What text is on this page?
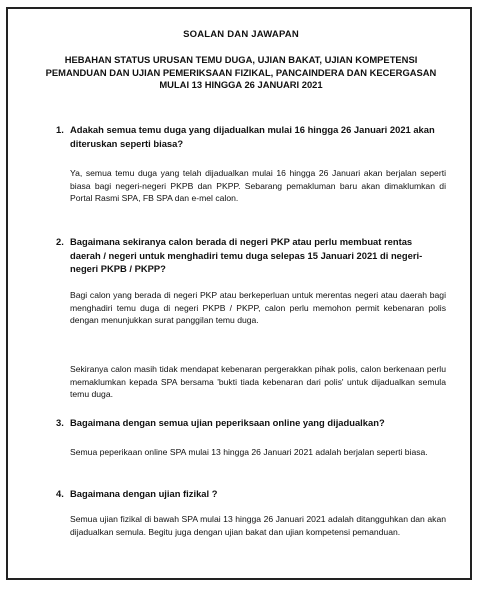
SOALAN DAN JAWAPAN
HEBAHAN STATUS URUSAN TEMU DUGA, UJIAN BAKAT, UJIAN KOMPETENSI PEMANDUAN DAN UJIAN PEMERIKSAAN FIZIKAL, PANCAINDERA DAN KECERGASAN MULAI 13 HINGGA 26 JANUARI 2021
1. Adakah semua temu duga yang dijadualkan mulai 16 hingga 26 Januari 2021 akan diteruskan seperti biasa?
Ya, semua temu duga yang telah dijadualkan mulai 16 hingga 26 Januari akan berjalan seperti biasa bagi negeri-negeri PKPB dan PKPP. Sebarang pemakluman baru akan dimaklumkan di Portal Rasmi SPA, FB SPA dan e-mel calon.
2. Bagaimana sekiranya calon berada di negeri PKP atau perlu membuat rentas daerah / negeri untuk menghadiri temu duga selepas 15 Januari 2021 di negeri-negeri PKPB / PKPP?
Bagi calon yang berada di negeri PKP atau berkeperluan untuk merentas negeri atau daerah bagi menghadiri temu duga di negeri PKPB / PKPP, calon perlu memohon permit kebenaran polis dengan menunjukkan surat panggilan temu duga.
Sekiranya calon masih tidak mendapat kebenaran pergerakkan pihak polis, calon berkenaan perlu memaklumkan kepada SPA bersama 'bukti tiada kebenaran dari polis' untuk dijadualkan semula temu duga.
3. Bagaimana dengan semua ujian peperiksaan online yang dijadualkan?
Semua peperikaan online SPA mulai 13 hingga 26 Januari 2021 adalah berjalan seperti biasa.
4. Bagaimana dengan ujian fizikal ?
Semua ujian fizikal di bawah SPA mulai 13 hingga 26 Januari 2021 adalah ditangguhkan dan akan dijadualkan semula. Begitu juga dengan ujian bakat dan ujian kompetensi pemanduan.
